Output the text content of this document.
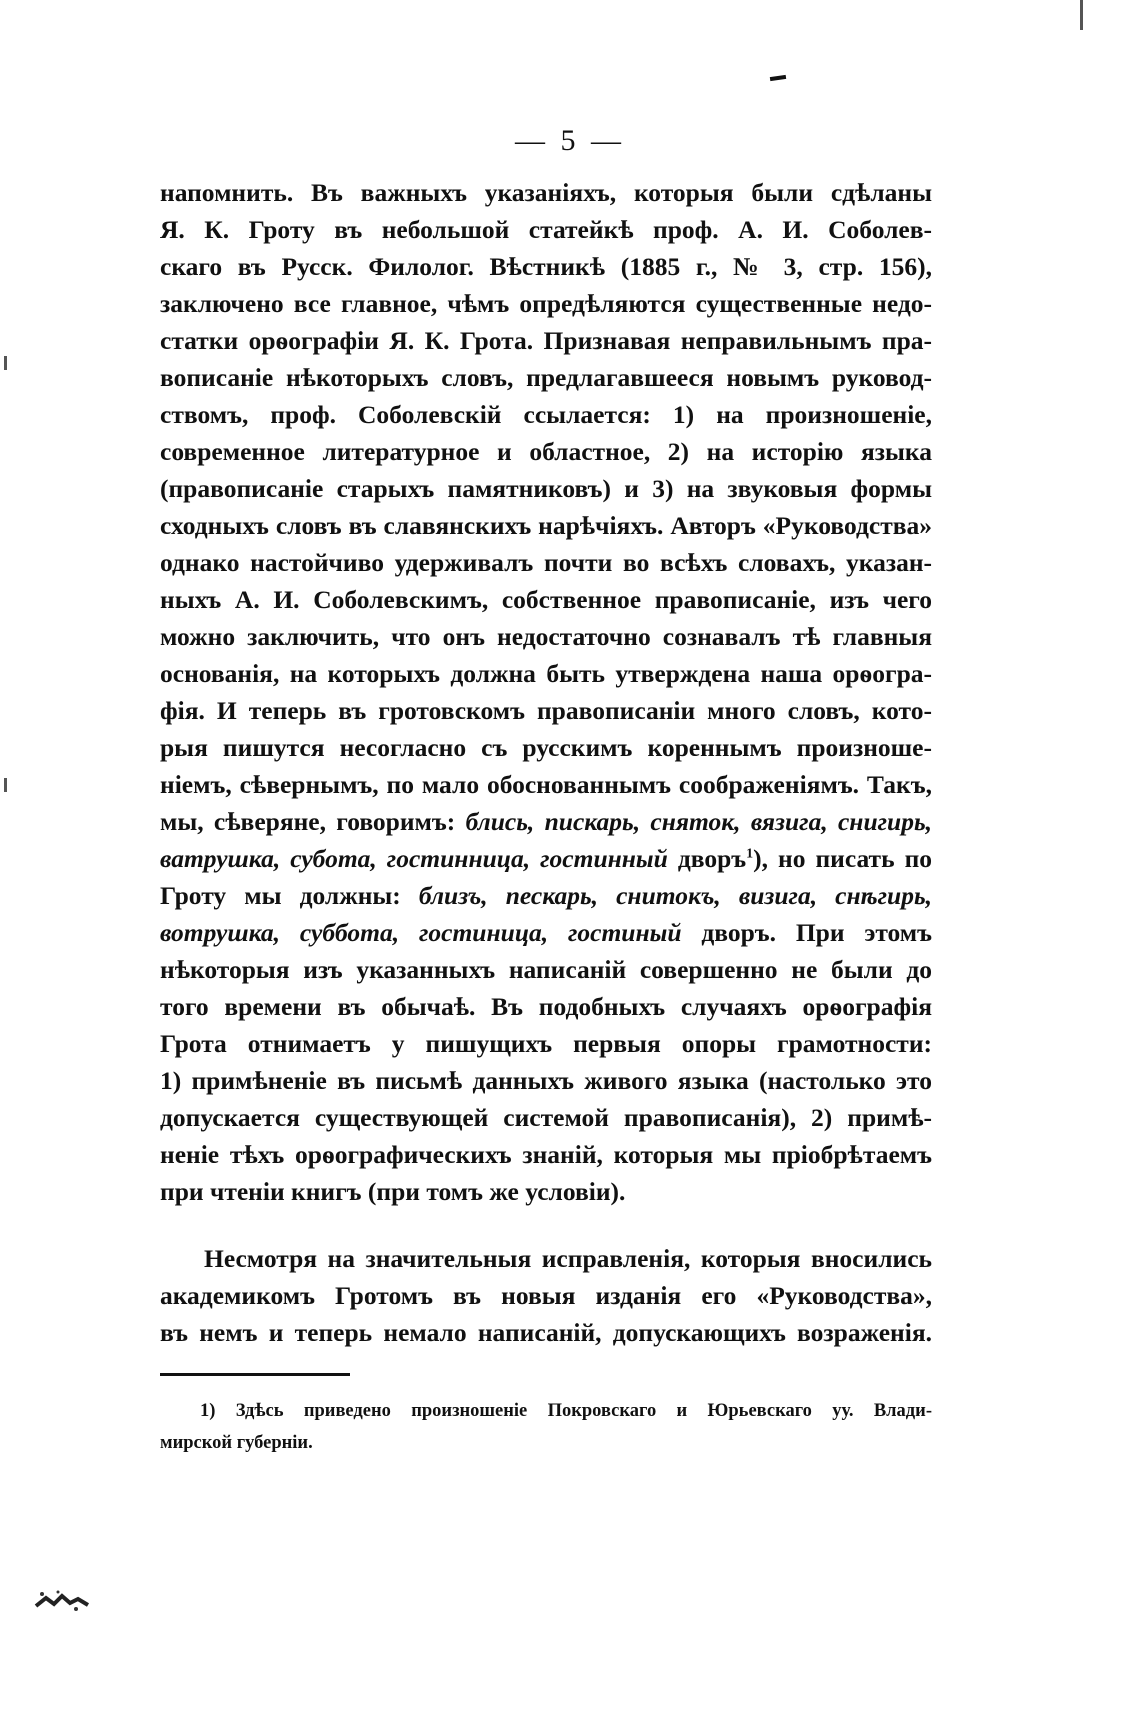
— 5 —
напомнить. Въ важныхъ указаніяхъ, которыя были сдѣланы
Я. К. Гроту въ небольшой статейкѣ проф. А. И. Соболев-
скаго въ Русск. Филолог. Вѣстникѣ (1885 г., № 3, стр. 156),
заключено все главное, чѣмъ опредѣляются существенные недо-
статки орѳографіи Я. К. Грота. Признавая неправильнымъ пра-
вописаніе нѣкоторыхъ словъ, предлагавшееся новымъ руковод-
ствомъ, проф. Соболевскій ссылается: 1) на произношеніе,
современное литературное и областное, 2) на исторію языка
(правописаніе старыхъ памятниковъ) и 3) на звуковыя формы
сходныхъ словъ въ славянскихъ нарѣчіяхъ. Авторъ «Руководства»
однако настойчиво удерживалъ почти во всѣхъ словахъ, указан-
ныхъ А. И. Соболевскимъ, собственное правописаніе, изъ чего
можно заключить, что онъ недостаточно сознавалъ тѣ главныя
основанія, на которыхъ должна быть утверждена наша орѳогра-
фія. И теперь въ гротовскомъ правописаніи много словъ, кото-
рыя пишутся несогласно съ русскимъ кореннымъ произноше-
ніемъ, сѣвернымъ, по мало обоснованнымъ соображеніямъ. Такъ,
мы, сѣверяне, говоримъ: блись, пискарь, сняток, вязига, снигирь,
ватрушка, субота, гостинница, гостинный дворъ$^1$), но писать по
Гроту мы должны: близъ, пескарь, снитокъ, визига, снѣгирь,
вотрушка, суббота, гостиница, гостиный дворъ. При этомъ
нѣкоторыя изъ указанныхъ написаній совершенно не были до
того времени въ обычаѣ. Въ подобныхъ случаяхъ орѳографія
Грота отнимаетъ у пишущихъ первыя опоры грамотности:
1) примѣненіе въ письмѣ данныхъ живого языка (настолько это
допускается существующей системой правописанія), 2) примѣ-
неніе тѣхъ орѳографическихъ знаній, которыя мы пріобрѣтаемъ
при чтеніи книгъ (при томъ же условіи).
Несмотря на значительныя исправленія, которыя вносились
академикомъ Гротомъ въ новыя изданія его «Руководства»,
въ немъ и теперь немало написаній, допускающихъ возраженія.
1) Здѣсь приведено произношеніе Покровскаго и Юрьевскаго уу. Влади-
мирской губерніи.
